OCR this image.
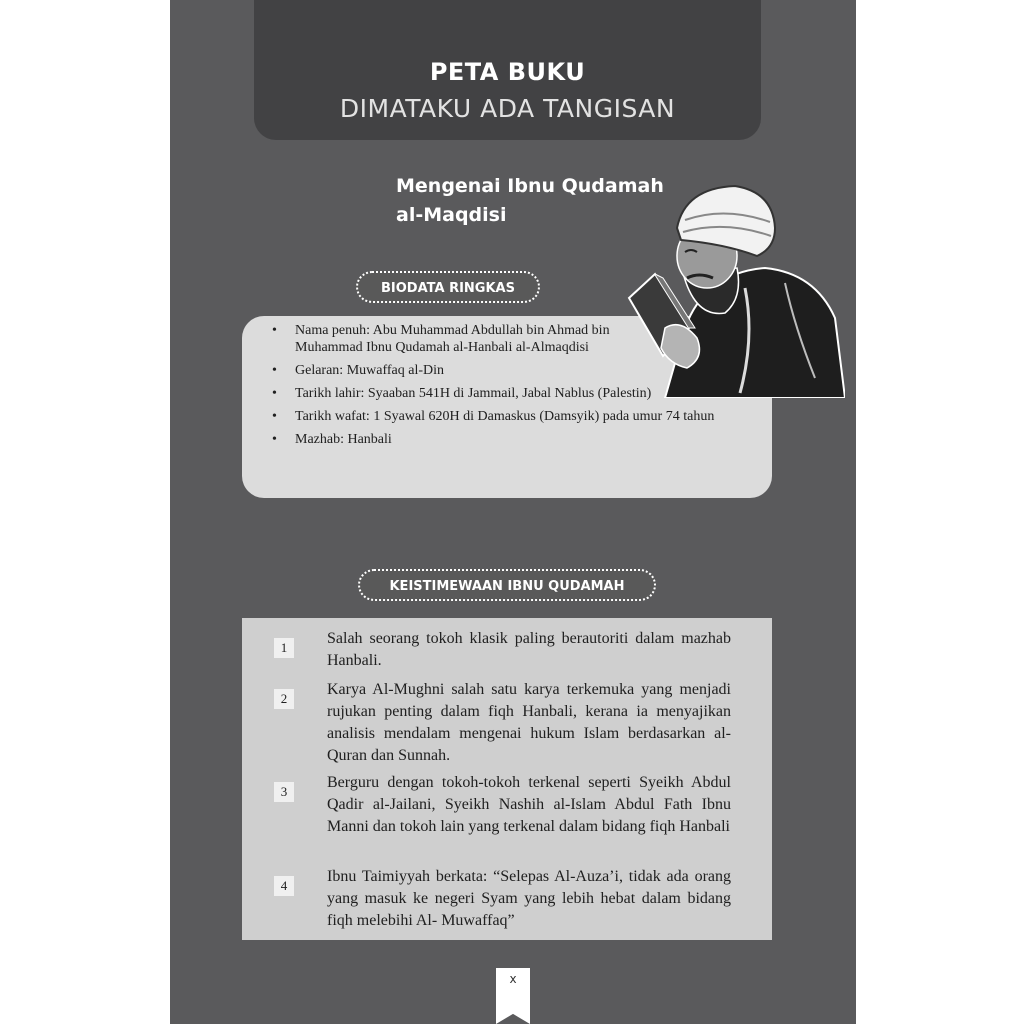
PETA BUKU
DIMATAKU ADA TANGISAN
Mengenai Ibnu Qudamah
al-Maqdisi
BIODATA RINGKAS
• Nama penuh: Abu Muhammad Abdullah bin Ahmad bin Muhammad Ibnu Qudamah al-Hanbali al-Almaqdisi
• Gelaran: Muwaffaq al-Din
• Tarikh lahir: Syaaban 541H di Jammail, Jabal Nablus (Palestin)
• Tarikh wafat: 1 Syawal 620H di Damaskus (Damsyik) pada umur 74 tahun
• Mazhab: Hanbali
KEISTIMEWAAN IBNU QUDAMAH
1

Salah seorang tokoh klasik paling berautoriti dalam mazhab Hanbali.

2

Karya Al-Mughni salah satu karya terkemuka yang menjadi rujukan penting dalam fiqh Hanbali, kerana ia menyajikan analisis mendalam mengenai hukum Islam berdasarkan al-Quran dan Sunnah.

3

Berguru dengan tokoh-tokoh terkenal seperti Syeikh Abdul Qadir al-Jailani, Syeikh Nashih al-Islam Abdul Fath Ibnu Manni dan tokoh lain yang terkenal dalam bidang fiqh Hanbali

4

Ibnu Taimiyyah berkata: “Selepas Al-Auza’i, tidak ada orang yang masuk ke negeri Syam yang lebih hebat dalam bidang fiqh melebihi Al- Muwaffaq”

x
